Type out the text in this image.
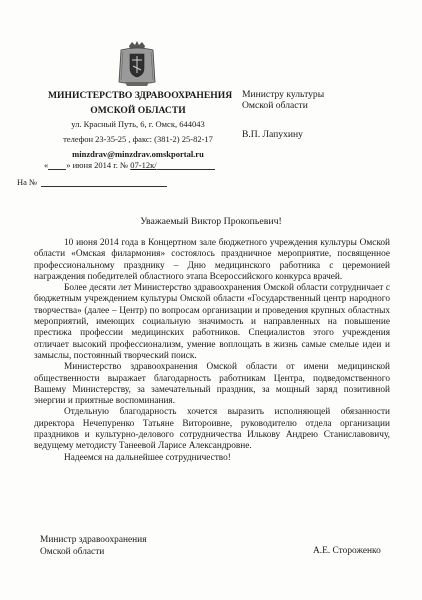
МИНИСТЕРСТВО ЗДРАВООХРАНЕНИЯ
ОМСКОЙ ОБЛАСТИ
ул. Красный Путь, 6, г. Омск, 644043
телефон 23-35-25 , факс: (381-2) 25-82-17
minzdrav@minzdrav.omskportal.ru
« » июня 2014 г. № 07-12к/
На №
Министру культуры
Омской области
В.П. Лапухину
Уважаемый Виктор Прокопьевич!

10 июня 2014 года в Концертном зале бюджетного учреждения культуры Омской области «Омская филармония» состоялось праздничное мероприятие, посвященное профессиональному празднику – Дню медицинского работника с церемонией награждения победителей областного этапа Всероссийского конкурса врачей.

Более десяти лет Министерство здравоохранения Омской области сотрудничает с бюджетным учреждением культуры Омской области «Государственный центр народного творчества» (далее – Центр) по вопросам организации и проведения крупных областных мероприятий, имеющих социальную значимость и направленных на повышение престижа профессии медицинских работников. Специалистов этого учреждения отличает высокий профессионализм, умение воплощать в жизнь самые смелые идеи и замыслы, постоянный творческий поиск.

Министерство здравоохранения Омской области от имени медицинской общественности выражает благодарность работникам Центра, подведомственного Вашему Министерству, за замечательный праздник, за мощный заряд позитивной энергии и приятные воспоминания.

Отдельную благодарность хочется выразить исполняющей обязанности директора Нечепуренко Татьяне Витороивне, руководителю отдела организации праздников и культурно-делового сотрудничества Илькову Андрею Станиславовичу, ведущему методисту Танеевой Ларисе Александровне.

Надеемся на дальнейшее сотрудничество!

Министр здравоохранения
Омской области	А.Е. Стороженко
